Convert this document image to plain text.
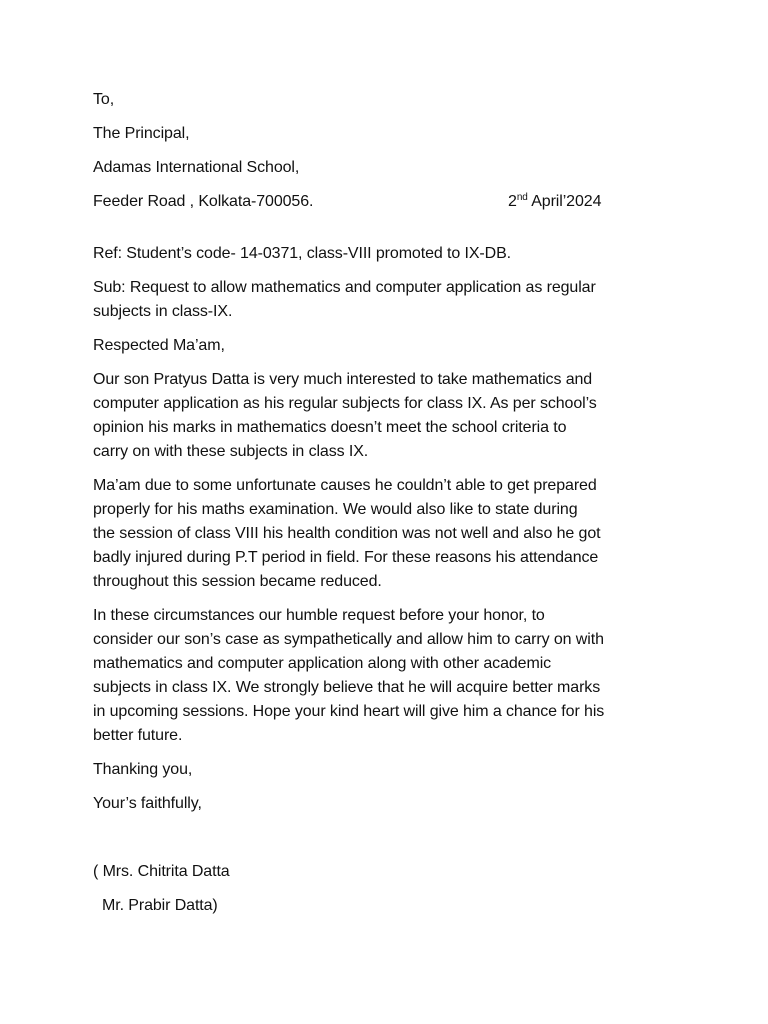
To,
The Principal,
Adamas International School,
Feeder Road , Kolkata-700056.	2nd April’2024
Ref: Student’s code- 14-0371, class-VIII promoted to IX-DB.
Sub: Request to allow mathematics and computer application as regular
subjects in class-IX.
Respected Ma’am,
Our son Pratyus Datta is very much interested to take mathematics and
computer application as his regular subjects for class IX. As per school’s
opinion his marks in mathematics doesn’t meet the school criteria to
carry on with these subjects in class IX.
Ma’am due to some unfortunate causes he couldn’t able to get prepared
properly for his maths examination. We would also like to state during
the session of class VIII his health condition was not well and also he got
badly injured during P.T period in field. For these reasons his attendance
throughout this session became reduced.
In these circumstances our humble request before your honor, to
consider our son’s case as sympathetically and allow him to carry on with
mathematics and computer application along with other academic
subjects in class IX. We strongly believe that he will acquire better marks
in upcoming sessions. Hope your kind heart will give him a chance for his
better future.
Thanking you,
Your’s faithfully,
( Mrs. Chitrita Datta
Mr. Prabir Datta)
